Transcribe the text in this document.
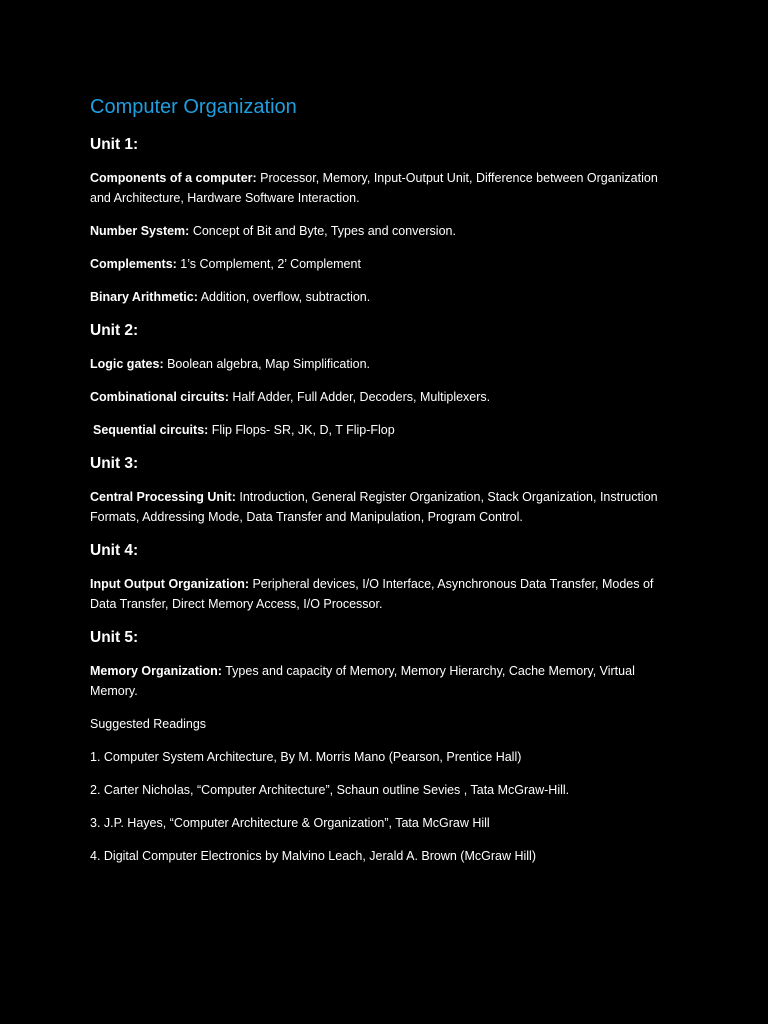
Computer Organization
Unit 1:

Components of a computer: Processor, Memory, Input-Output Unit, Difference between Organization and Architecture, Hardware Software Interaction.

Number System: Concept of Bit and Byte, Types and conversion.

Complements: 1’s Complement, 2’ Complement

Binary Arithmetic: Addition, overflow, subtraction.

Unit 2:

Logic gates: Boolean algebra, Map Simplification.

Combinational circuits: Half Adder, Full Adder, Decoders, Multiplexers.

Sequential circuits: Flip Flops- SR, JK, D, T Flip-Flop

Unit 3:

Central Processing Unit: Introduction, General Register Organization, Stack Organization, Instruction Formats, Addressing Mode, Data Transfer and Manipulation, Program Control.

Unit 4:

Input Output Organization: Peripheral devices, I/O Interface, Asynchronous Data Transfer, Modes of Data Transfer, Direct Memory Access, I/O Processor.

Unit 5:

Memory Organization: Types and capacity of Memory, Memory Hierarchy, Cache Memory, Virtual Memory.

Suggested Readings

1. Computer System Architecture, By M. Morris Mano (Pearson, Prentice Hall)

2. Carter Nicholas, “Computer Architecture”, Schaun outline Sevies , Tata McGraw-Hill.

3. J.P. Hayes, “Computer Architecture & Organization”, Tata McGraw Hill

4. Digital Computer Electronics by Malvino Leach, Jerald A. Brown (McGraw Hill)
